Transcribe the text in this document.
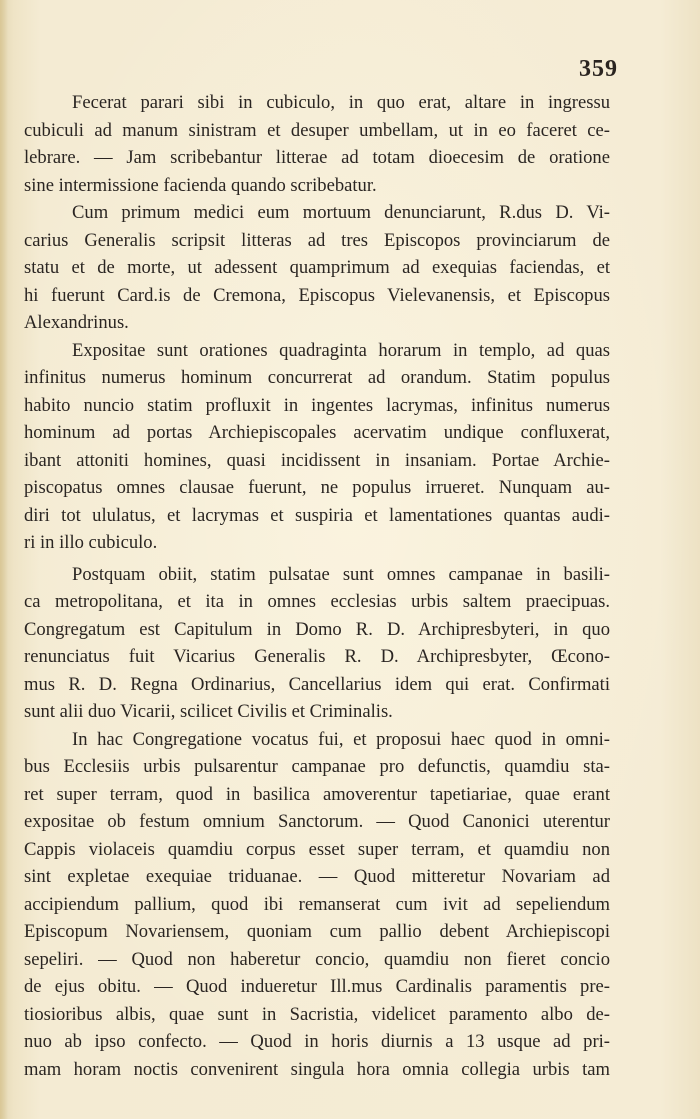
359
Fecerat parari sibi in cubiculo, in quo erat, altare in ingressu
cubiculi ad manum sinistram et desuper umbellam, ut in eo faceret ce-
lebrare. — Jam scribebantur litterae ad totam dioecesim de oratione
sine intermissione facienda quando scribebatur.
Cum primum medici eum mortuum denunciarunt, R.dus D. Vi-
carius Generalis scripsit litteras ad tres Episcopos provinciarum de
statu et de morte, ut adessent quamprimum ad exequias faciendas, et
hi fuerunt Card.is de Cremona, Episcopus Vielevanensis, et Episcopus
Alexandrinus.
Expositae sunt orationes quadraginta horarum in templo, ad quas
infinitus numerus hominum concurrerat ad orandum. Statim populus
habito nuncio statim profluxit in ingentes lacrymas, infinitus numerus
hominum ad portas Archiepiscopales acervatim undique confluxerat,
ibant attoniti homines, quasi incidissent in insaniam. Portae Archie-
piscopatus omnes clausae fuerunt, ne populus irrueret. Nunquam au-
diri tot ululatus, et lacrymas et suspiria et lamentationes quantas audi-
ri in illo cubiculo.
Postquam obiit, statim pulsatae sunt omnes campanae in basili-
ca metropolitana, et ita in omnes ecclesias urbis saltem praecipuas.
Congregatum est Capitulum in Domo R. D. Archipresbyteri, in quo
renunciatus fuit Vicarius Generalis R. D. Archipresbyter, Œcono-
mus R. D. Regna Ordinarius, Cancellarius idem qui erat. Confirmati
sunt alii duo Vicarii, scilicet Civilis et Criminalis.
In hac Congregatione vocatus fui, et proposui haec quod in omni-
bus Ecclesiis urbis pulsarentur campanae pro defunctis, quamdiu sta-
ret super terram, quod in basilica amoverentur tapetiariae, quae erant
expositae ob festum omnium Sanctorum. — Quod Canonici uterentur
Cappis violaceis quamdiu corpus esset super terram, et quamdiu non
sint expletae exequiae triduanae. — Quod mitteretur Novariam ad
accipiendum pallium, quod ibi remanserat cum ivit ad sepeliendum
Episcopum Novariensem, quoniam cum pallio debent Archiepiscopi
sepeliri. — Quod non haberetur concio, quamdiu non fieret concio
de ejus obitu. — Quod indueretur Ill.mus Cardinalis paramentis pre-
tiosioribus albis, quae sunt in Sacristia, videlicet paramento albo de-
nuo ab ipso confecto. — Quod in horis diurnis a 13 usque ad pri-
mam horam noctis convenirent singula hora omnia collegia urbis tam
